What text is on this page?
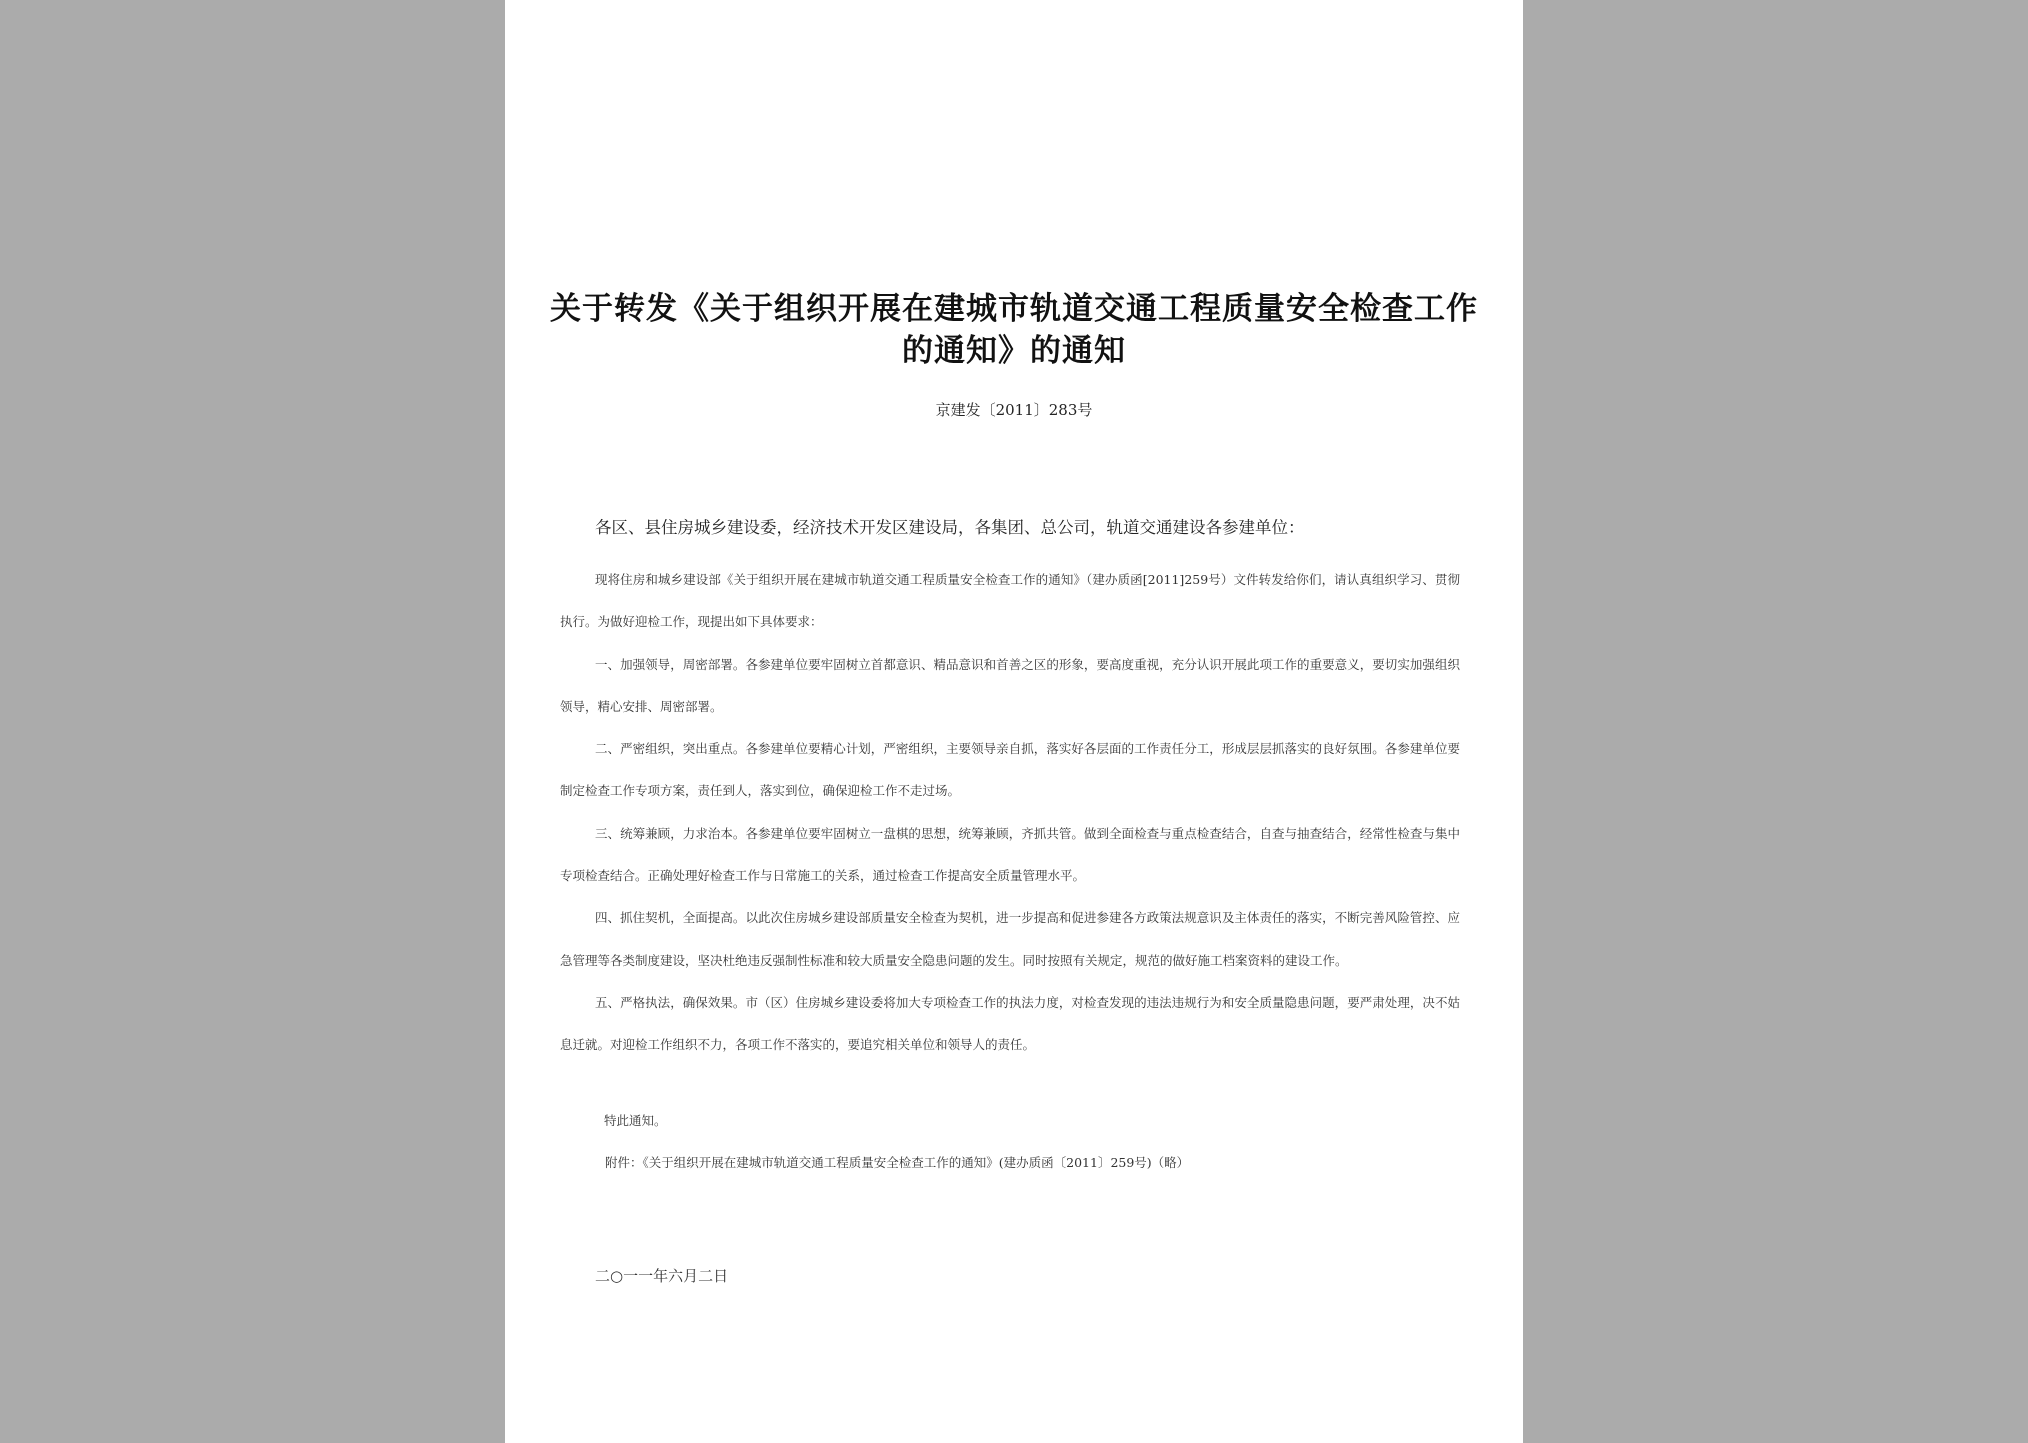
关于转发《关于组织开展在建城市轨道交通工程质量安全检查工作的通知》的通知
京建发〔2011〕283号
各区、县住房城乡建设委，经济技术开发区建设局，各集团、总公司，轨道交通建设各参建单位：

现将住房和城乡建设部《关于组织开展在建城市轨道交通工程质量安全检查工作的通知》（建办质函[2011]259号）文件转发给你们，请认真组织学习、贯彻执行。为做好迎检工作，现提出如下具体要求：

一、加强领导，周密部署。各参建单位要牢固树立首都意识、精品意识和首善之区的形象，要高度重视，充分认识开展此项工作的重要意义，要切实加强组织领导，精心安排、周密部署。

二、严密组织，突出重点。各参建单位要精心计划，严密组织，主要领导亲自抓，落实好各层面的工作责任分工，形成层层抓落实的良好氛围。各参建单位要制定检查工作专项方案，责任到人，落实到位，确保迎检工作不走过场。

三、统筹兼顾，力求治本。各参建单位要牢固树立一盘棋的思想，统筹兼顾，齐抓共管。做到全面检查与重点检查结合，自查与抽查结合，经常性检查与集中专项检查结合。正确处理好检查工作与日常施工的关系，通过检查工作提高安全质量管理水平。

四、抓住契机，全面提高。以此次住房城乡建设部质量安全检查为契机，进一步提高和促进参建各方政策法规意识及主体责任的落实，不断完善风险管控、应急管理等各类制度建设，坚决杜绝违反强制性标准和较大质量安全隐患问题的发生。同时按照有关规定，规范的做好施工档案资料的建设工作。

五、严格执法，确保效果。市（区）住房城乡建设委将加大专项检查工作的执法力度，对检查发现的违法违规行为和安全质量隐患问题，要严肃处理，决不姑息迁就。对迎检工作组织不力，各项工作不落实的，要追究相关单位和领导人的责任。

特此通知。
附件：《关于组织开展在建城市轨道交通工程质量安全检查工作的通知》(建办质函〔2011〕259号)（略）
二○一一年六月二日
